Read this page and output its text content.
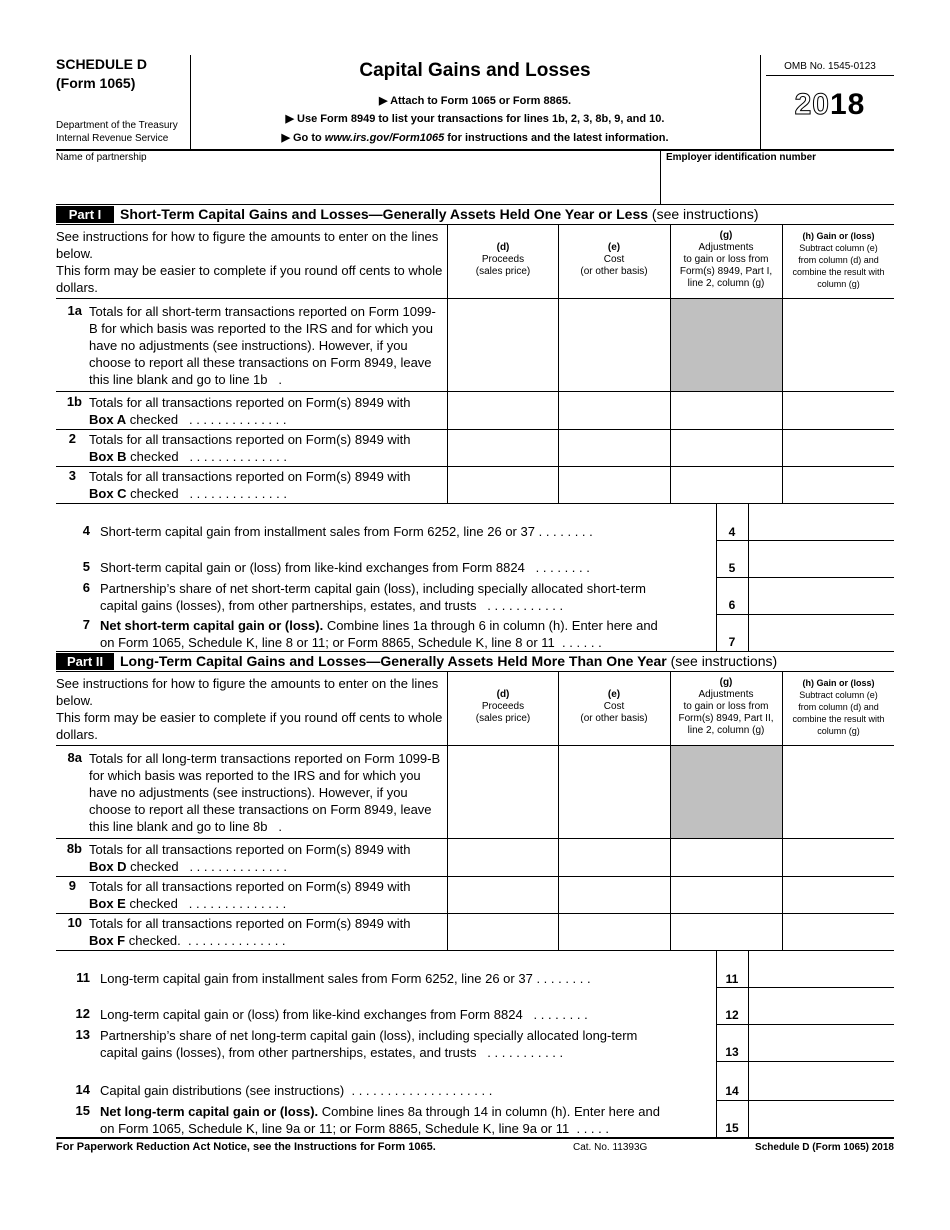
SCHEDULE D
(Form 1065)
Department of the Treasury
Internal Revenue Service
Capital Gains and Losses
▶ Attach to Form 1065 or Form 8865.
▶ Use Form 8949 to list your transactions for lines 1b, 2, 3, 8b, 9, and 10.
▶ Go to www.irs.gov/Form1065 for instructions and the latest information.
OMB No. 1545-0123
2018
Name of partnership	Employer identification number
Part I	Short-Term Capital Gains and Losses—Generally Assets Held One Year or Less (see instructions)
See instructions for how to figure the amounts to enter on the lines below.
This form may be easier to complete if you round off cents to whole dollars.
(d)
Proceeds
(sales price)
(e)
Cost
(or other basis)
(g)
Adjustments
to gain or loss from
Form(s) 8949, Part I,
line 2, column (g)
(h) Gain or (loss)
Subtract column (e)
from column (d) and
combine the result with
column (g)
1a Totals for all short-term transactions reported on Form 1099-B for which basis was reported to the IRS and for which you have no adjustments (see instructions). However, if you choose to report all these transactions on Form 8949, leave this line blank and go to line 1b .
1b Totals for all transactions reported on Form(s) 8949 with
Box A checked . . . . . . . . . . . . . .
2 Totals for all transactions reported on Form(s) 8949 with
Box B checked . . . . . . . . . . . . . .
3 Totals for all transactions reported on Form(s) 8949 with
Box C checked . . . . . . . . . . . . . .
4 Short-term capital gain from installment sales from Form 6252, line 26 or 37 . . . . . . . .	4
5 Short-term capital gain or (loss) from like-kind exchanges from Form 8824 . . . . . . . .	5
6 Partnership’s share of net short-term capital gain (loss), including specially allocated short-term
capital gains (losses), from other partnerships, estates, and trusts . . . . . . . . . . .	6
7 Net short-term capital gain or (loss). Combine lines 1a through 6 in column (h). Enter here and
on Form 1065, Schedule K, line 8 or 11; or Form 8865, Schedule K, line 8 or 11 . . . . . .	7
Part II	Long-Term Capital Gains and Losses—Generally Assets Held More Than One Year (see instructions)
See instructions for how to figure the amounts to enter on the lines below.
This form may be easier to complete if you round off cents to whole dollars.
(d)
Proceeds
(sales price)
(e)
Cost
(or other basis)
(g)
Adjustments
to gain or loss from
Form(s) 8949, Part II,
line 2, column (g)
(h) Gain or (loss)
Subtract column (e)
from column (d) and
combine the result with
column (g)
8a Totals for all long-term transactions reported on Form 1099-B for which basis was reported to the IRS and for which you have no adjustments (see instructions). However, if you choose to report all these transactions on Form 8949, leave this line blank and go to line 8b .
8b Totals for all transactions reported on Form(s) 8949 with
Box D checked . . . . . . . . . . . . . .
9 Totals for all transactions reported on Form(s) 8949 with
Box E checked . . . . . . . . . . . . . .
10 Totals for all transactions reported on Form(s) 8949 with
Box F checked. . . . . . . . . . . . . . .
11 Long-term capital gain from installment sales from Form 6252, line 26 or 37 . . . . . . . .	11
12 Long-term capital gain or (loss) from like-kind exchanges from Form 8824 . . . . . . . .	12
13 Partnership’s share of net long-term capital gain (loss), including specially allocated long-term
capital gains (losses), from other partnerships, estates, and trusts . . . . . . . . . . .	13
14 Capital gain distributions (see instructions) . . . . . . . . . . . . . . . . . . . .	14
15 Net long-term capital gain or (loss). Combine lines 8a through 14 in column (h). Enter here and
on Form 1065, Schedule K, line 9a or 11; or Form 8865, Schedule K, line 9a or 11 . . . . .	15
For Paperwork Reduction Act Notice, see the Instructions for Form 1065.	Cat. No. 11393G	Schedule D (Form 1065) 2018
